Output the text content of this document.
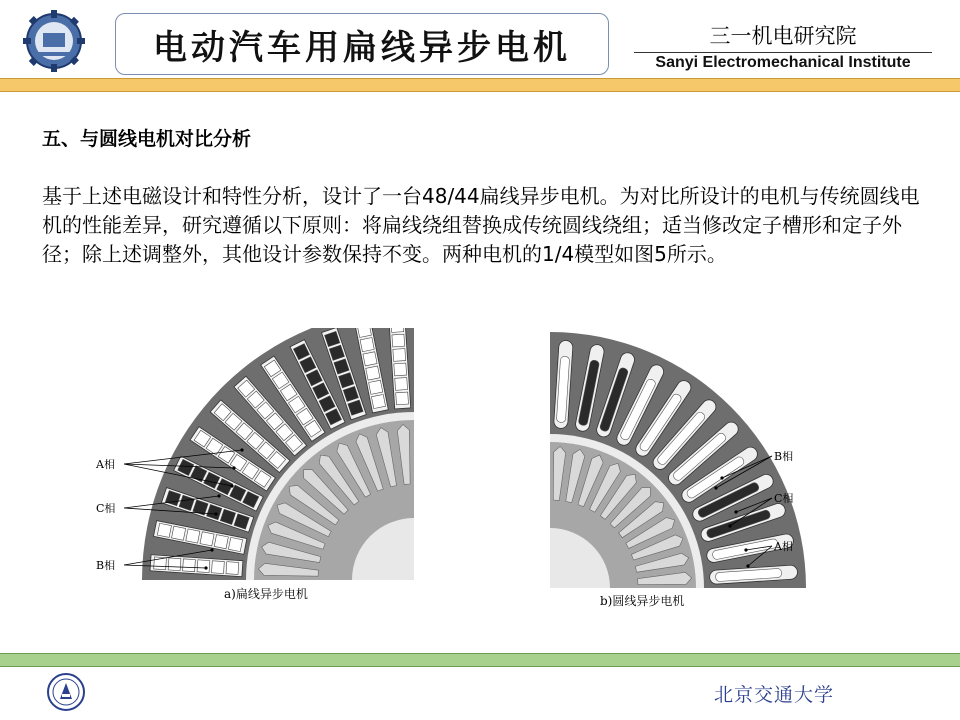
电动汽车用扁线异步电机	三一机电研究院
Sanyi Electromechanical Institute
五、与圆线电机对比分析
基于上述电磁设计和特性分析，设计了一台48/44扁线异步电机。为对比所设计的电机与传统圆线电机的性能差异，研究遵循以下原则：将扁线绕组替换成传统圆线绕组；适当修改定子槽形和定子外径；除上述调整外，其他设计参数保持不变。两种电机的1/4模型如图5所示。
A相
C相
B相
a)扁线异步电机
B相
C相
A相
b)圆线异步电机
北京交通大学
